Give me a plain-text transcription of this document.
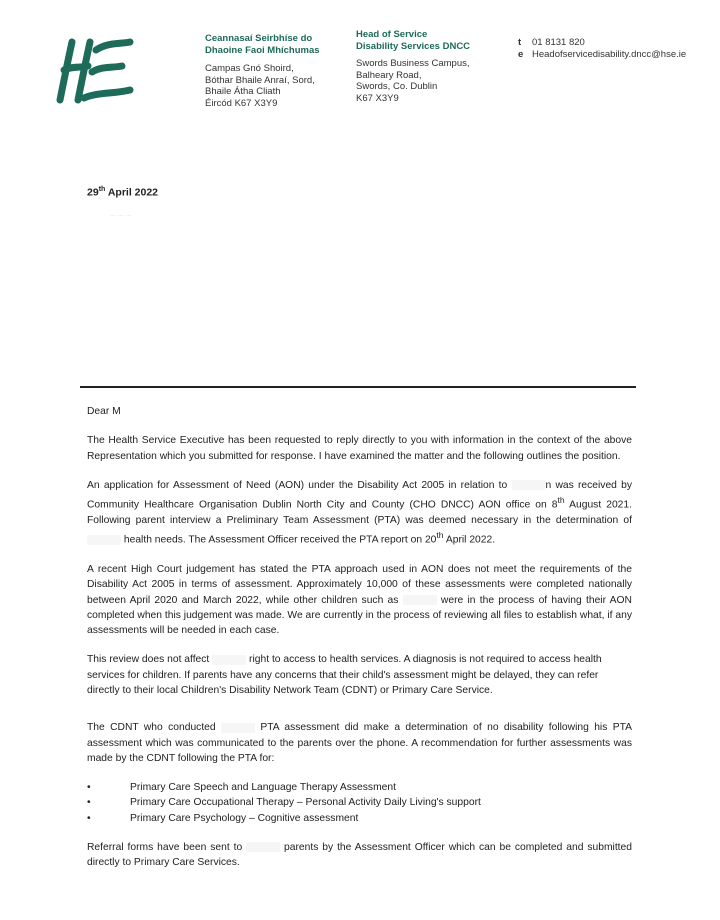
Ceannasaí Seirbhíse do
Dhaoine Faoi Mhíchumas
Campas Gnó Shoird,
Bóthar Bhaile Anraí, Sord,
Bhaile Átha Cliath
Éircód K67 X3Y9
Head of Service
Disability Services DNCC
Swords Business Campus,
Balheary Road,
Swords, Co. Dublin
K67 X3Y9
t	01 8131 820
e Headofservicedisability.dncc@hse.ie
29th April 2022
... ... ...

Dear M

The Health Service Executive has been requested to reply directly to you with information in the context of the above Representation which you submitted for response. I have examined the matter and the following outlines the position.

An application for Assessment of Need (AON) under the Disability Act 2005 in relation to	n was received by Community Healthcare Organisation Dublin North City and County (CHO DNCC) AON office on 8th August 2021. Following parent interview a Preliminary Team Assessment (PTA) was deemed necessary in the determination of  health needs. The Assessment Officer received the PTA report on 20th April 2022.

A recent High Court judgement has stated the PTA approach used in AON does not meet the requirements of the Disability Act 2005 in terms of assessment. Approximately 10,000 of these assessments were completed nationally between April 2020 and March 2022, while other children such as	were in the process of having their AON completed when this judgement was made. We are currently in the process of reviewing all files to establish what, if any assessments will be needed in each case.

This review does not affect	right to access to health services. A diagnosis is not required to access health services for children. If parents have any concerns that their child's assessment might be delayed, they can refer directly to their local Children's Disability Network Team (CDNT) or Primary Care Service.

The CDNT who conducted	PTA assessment did make a determination of no disability following his PTA assessment which was communicated to the parents over the phone. A recommendation for further assessments was made by the CDNT following the PTA for:

• Primary Care Speech and Language Therapy Assessment
• Primary Care Occupational Therapy – Personal Activity Daily Living's support
• Primary Care Psychology – Cognitive assessment

Referral forms have been sent to	parents by the Assessment Officer which can be completed and submitted directly to Primary Care Services.
